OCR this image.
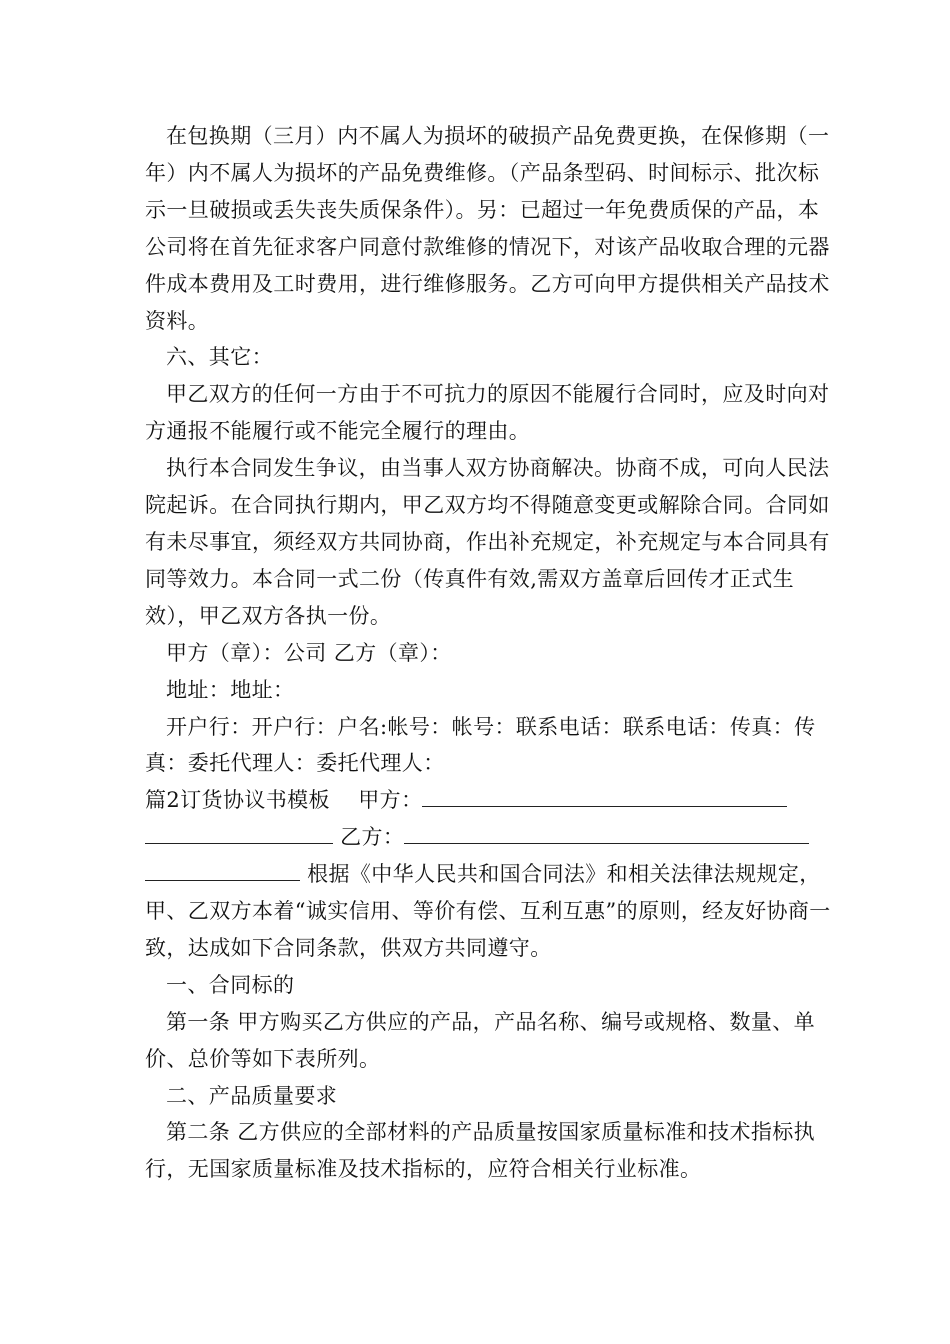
在包换期（三月）内不属人为损坏的破损产品免费更换，在保修期（一年）内不属人为损坏的产品免费维修。（产品条型码、时间标示、批次标示一旦破损或丢失丧失质保条件）。另：已超过一年免费质保的产品，本公司将在首先征求客户同意付款维修的情况下，对该产品收取合理的元器件成本费用及工时费用，进行维修服务。乙方可向甲方提供相关产品技术资料。

六、其它：

甲乙双方的任何一方由于不可抗力的原因不能履行合同时，应及时向对方通报不能履行或不能完全履行的理由。

执行本合同发生争议，由当事人双方协商解决。协商不成，可向人民法院起诉。在合同执行期内，甲乙双方均不得随意变更或解除合同。合同如有未尽事宜，须经双方共同协商，作出补充规定，补充规定与本合同具有同等效力。本合同一式二份（传真件有效,需双方盖章后回传才正式生效），甲乙双方各执一份。

甲方（章）：公司 乙方（章）：

地址：地址：

开户行：开户行：户名:帐号：帐号：联系电话：联系电话：传真：传真：委托代理人：委托代理人：

篇2订货协议书模板 甲方： 乙方： 根据《中华人民共和国合同法》和相关法律法规规定，甲、乙双方本着“诚实信用、等价有偿、互利互惠”的原则，经友好协商一致，达成如下合同条款，供双方共同遵守。

一、合同标的

第一条 甲方购买乙方供应的产品，产品名称、编号或规格、数量、单价、总价等如下表所列。

二、产品质量要求

第二条 乙方供应的全部材料的产品质量按国家质量标准和技术指标执行，无国家质量标准及技术指标的，应符合相关行业标准。
